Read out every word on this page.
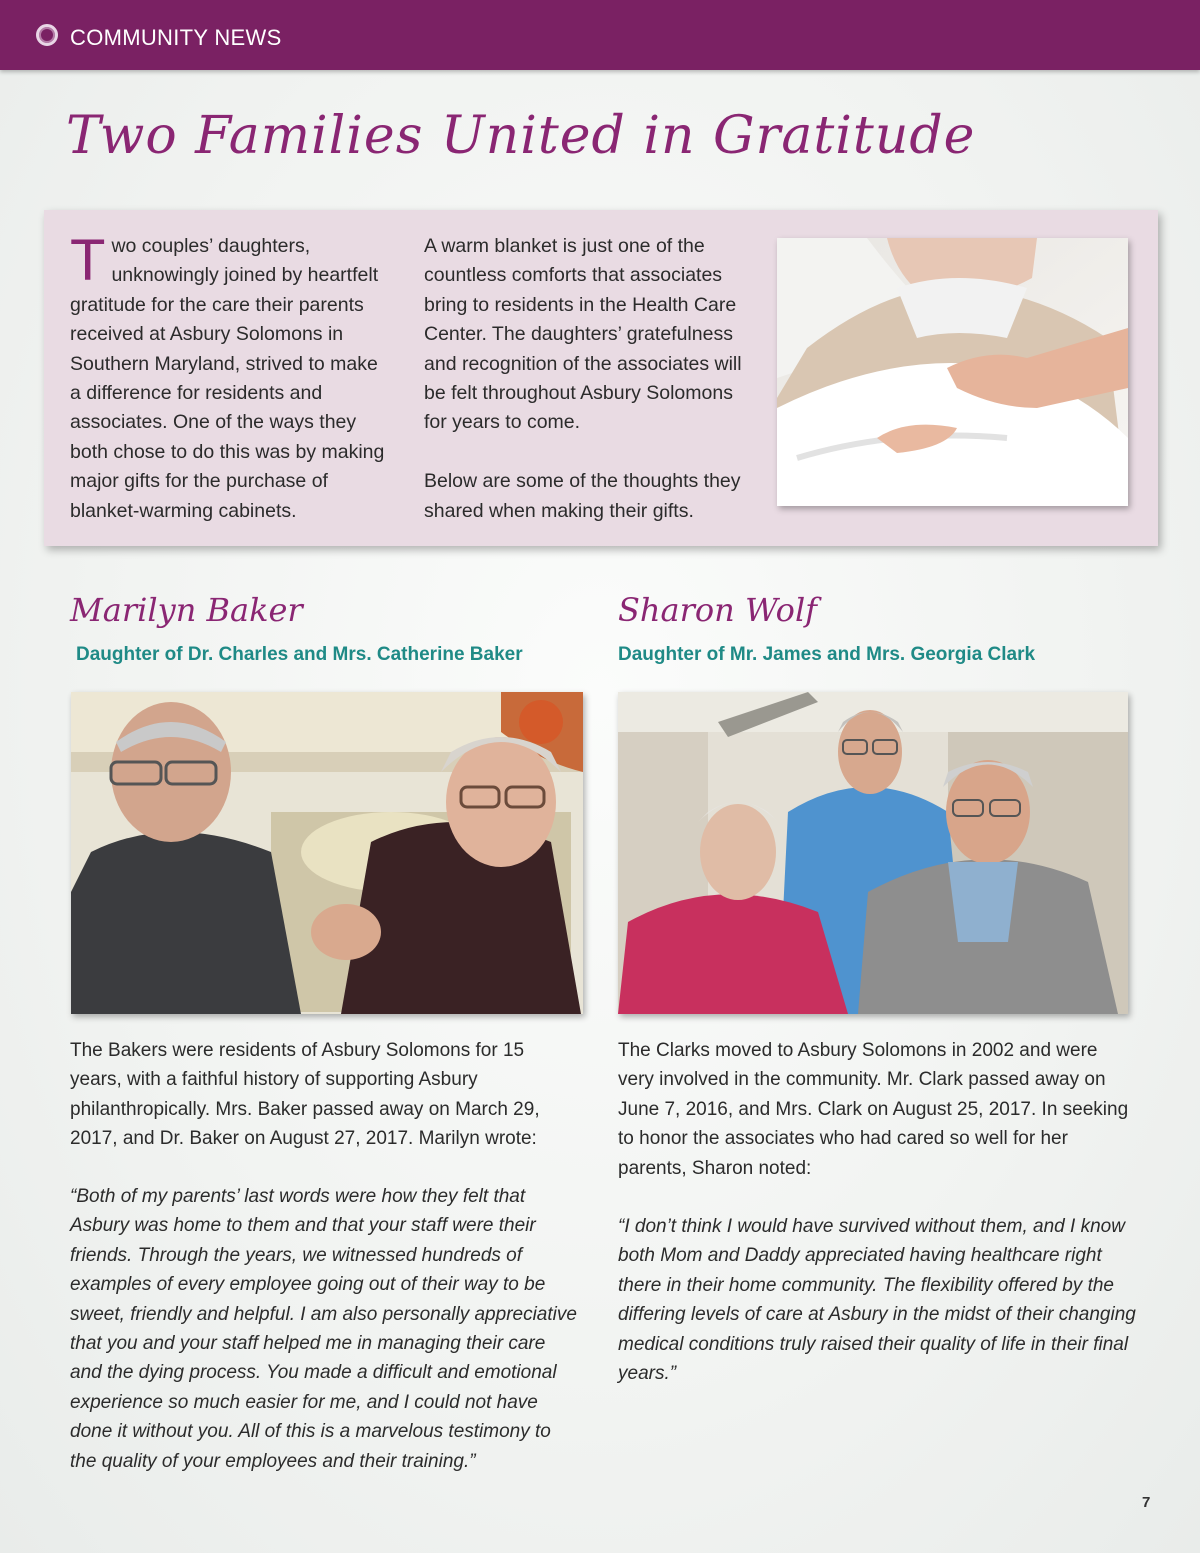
COMMUNITY NEWS
Two Families United in Gratitude
Two couples’ daughters, unknowingly joined by heartfelt gratitude for the care their parents received at Asbury Solomons in Southern Maryland, strived to make a difference for residents and associates. One of the ways they both chose to do this was by making major gifts for the purchase of blanket-warming cabinets.
A warm blanket is just one of the countless comforts that associates bring to residents in the Health Care Center. The daughters’ gratefulness and recognition of the associates will be felt throughout Asbury Solomons for years to come.
Below are some of the thoughts they shared when making their gifts.
Marilyn Baker
Daughter of Dr. Charles and Mrs. Catherine Baker
The Bakers were residents of Asbury Solomons for 15 years, with a faithful history of supporting Asbury philanthropically. Mrs. Baker passed away on March 29, 2017, and Dr. Baker on August 27, 2017. Marilyn wrote:
“Both of my parents’ last words were how they felt that Asbury was home to them and that your staff were their friends. Through the years, we witnessed hundreds of examples of every employee going out of their way to be sweet, friendly and helpful. I am also personally appreciative that you and your staff helped me in managing their care and the dying process. You made a difficult and emotional experience so much easier for me, and I could not have done it without you. All of this is a marvelous testimony to the quality of your employees and their training.”
Sharon Wolf
Daughter of Mr. James and Mrs. Georgia Clark
The Clarks moved to Asbury Solomons in 2002 and were very involved in the community. Mr. Clark passed away on June 7, 2016, and Mrs. Clark on August 25, 2017. In seeking to honor the associates who had cared so well for her parents, Sharon noted:
“I don’t think I would have survived without them, and I know both Mom and Daddy appreciated having healthcare right there in their home community. The flexibility offered by the differing levels of care at Asbury in the midst of their changing medical conditions truly raised their quality of life in their final years.”
7
